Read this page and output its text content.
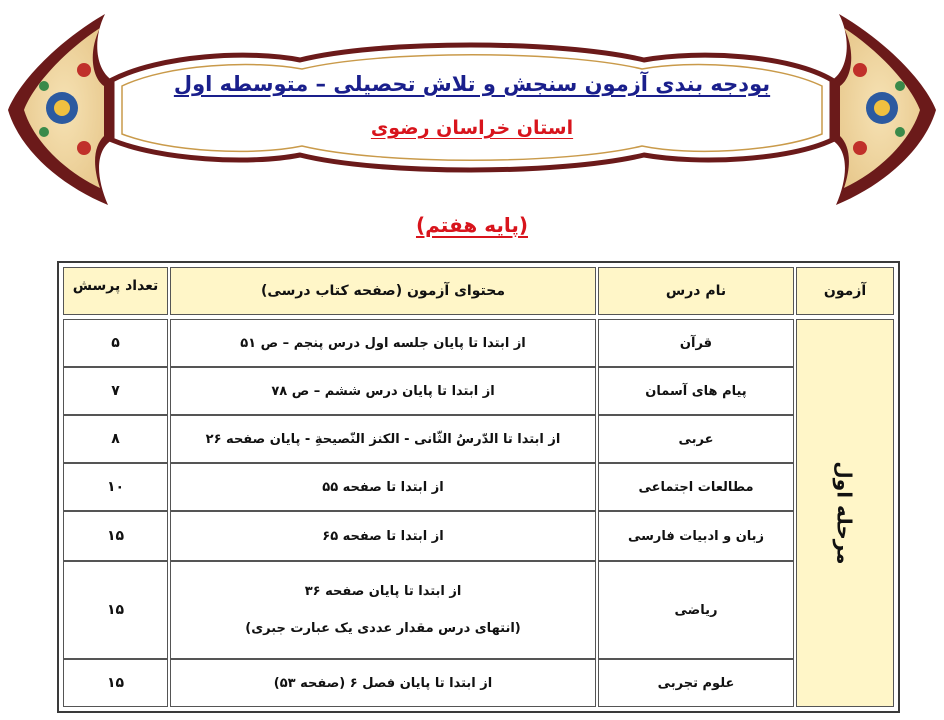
بودجه بندی آزمون سنجش و تلاش تحصیلی – متوسطه اول
استان خراسان رضوی
(پایه هفتم)
آزمون
نام درس
محتوای آزمون (صفحه کتاب درسی)
تعداد پرسش
مرحله اول
قرآن
از ابتدا تا پایان جلسه اول درس پنجم – ص ۵۱
۵
پیام های آسمان
از ابتدا تا پایان درس ششم – ص ۷۸
۷
عربی
از ابتدا تا الدّرسُ الثّانی - الکنز النّصیحةِ - پایان صفحه ۲۶
۸
مطالعات اجتماعی
از ابتدا تا صفحه ۵۵
۱۰
زبان و ادبیات فارسی
از ابتدا تا صفحه ۶۵
۱۵
ریاضی
از ابتدا تا پایان صفحه ۳۶
(انتهای درس مقدار عددی یک عبارت جبری)
۱۵
علوم تجربی
از ابتدا تا پایان فصل ۶ (صفحه ۵۳)
۱۵
